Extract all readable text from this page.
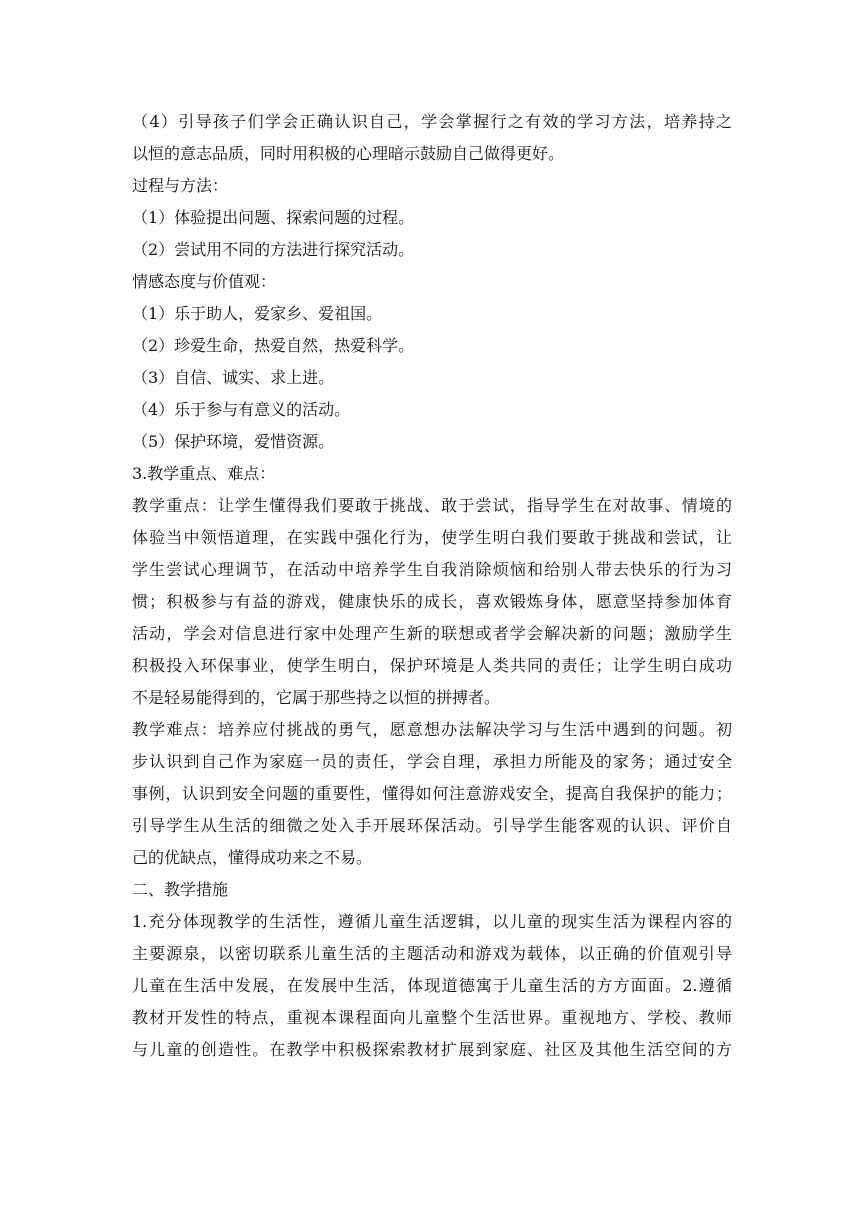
（4）引导孩子们学会正确认识自己，学会掌握行之有效的学习方法，培养持之
以恒的意志品质，同时用积极的心理暗示鼓励自己做得更好。
过程与方法：
（1）体验提出问题、探索问题的过程。
（2）尝试用不同的方法进行探究活动。
情感态度与价值观：
（1）乐于助人，爱家乡、爱祖国。
（2）珍爱生命，热爱自然，热爱科学。
（3）自信、诚实、求上进。
（4）乐于参与有意义的活动。
（5）保护环境，爱惜资源。
3.教学重点、难点：
教学重点：让学生懂得我们要敢于挑战、敢于尝试，指导学生在对故事、情境的
体验当中领悟道理，在实践中强化行为，使学生明白我们要敢于挑战和尝试，让
学生尝试心理调节，在活动中培养学生自我消除烦恼和给别人带去快乐的行为习
惯；积极参与有益的游戏，健康快乐的成长，喜欢锻炼身体，愿意坚持参加体育
活动，学会对信息进行家中处理产生新的联想或者学会解决新的问题；激励学生
积极投入环保事业，使学生明白，保护环境是人类共同的责任；让学生明白成功
不是轻易能得到的，它属于那些持之以恒的拼搏者。
教学难点：培养应付挑战的勇气，愿意想办法解决学习与生活中遇到的问题。初
步认识到自己作为家庭一员的责任，学会自理，承担力所能及的家务；通过安全
事例，认识到安全问题的重要性，懂得如何注意游戏安全，提高自我保护的能力；
引导学生从生活的细微之处入手开展环保活动。引导学生能客观的认识、评价自
己的优缺点，懂得成功来之不易。
二、教学措施
1.充分体现教学的生活性，遵循儿童生活逻辑，以儿童的现实生活为课程内容的
主要源泉，以密切联系儿童生活的主题活动和游戏为载体，以正确的价值观引导
儿童在生活中发展，在发展中生活，体现道德寓于儿童生活的方方面面。2.遵循
教材开发性的特点，重视本课程面向儿童整个生活世界。重视地方、学校、教师
与儿童的创造性。在教学中积极探索教材扩展到家庭、社区及其他生活空间的方
